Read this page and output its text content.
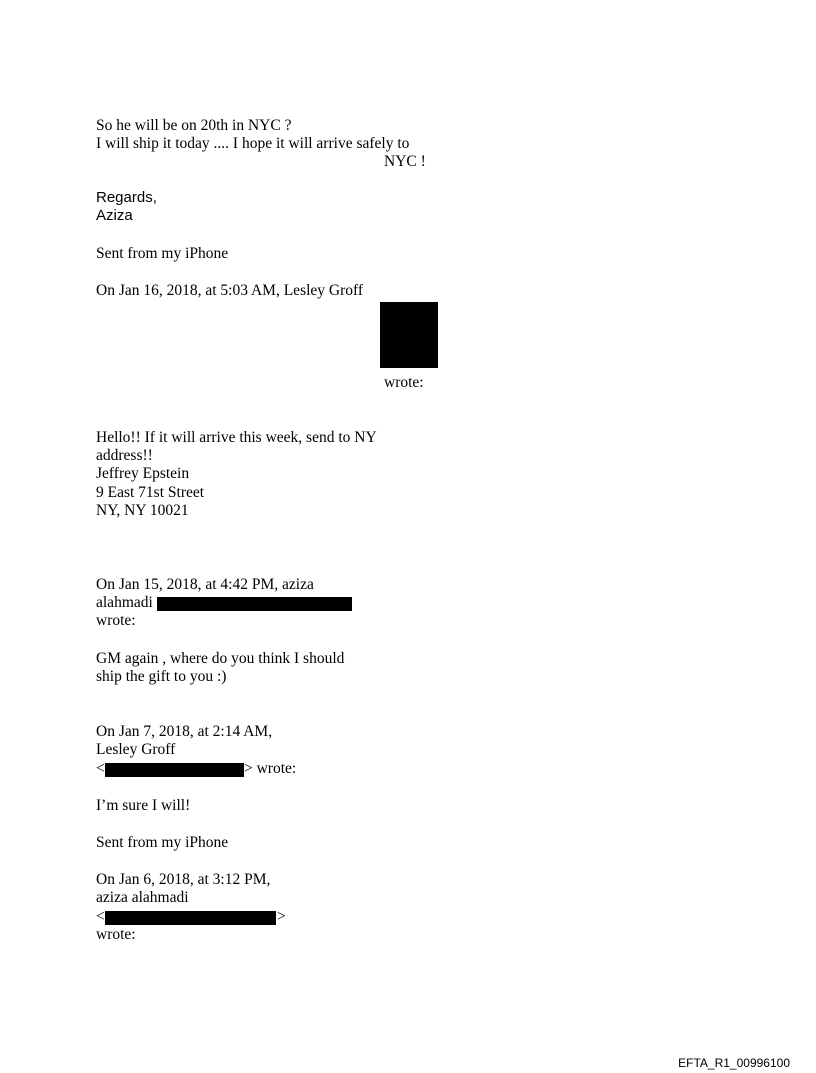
So he will be on 20th in NYC ?
I will ship it today .... I hope it will arrive safely to
NYC !
Regards,
Aziza
Sent from my iPhone
On Jan 16, 2018, at 5:03 AM, Lesley Groff
wrote:
Hello!! If it will arrive this week, send to NY
address!!
Jeffrey Epstein
9 East 71st Street
NY, NY 10021
On Jan 15, 2018, at 4:42 PM, aziza
alahmadi
wrote:
GM again , where do you think I should
ship the gift to you :)
On Jan 7, 2018, at 2:14 AM,
Lesley Groff
<	> wrote:
I’m sure I will!
Sent from my iPhone
On Jan 6, 2018, at 3:12 PM,
aziza alahmadi
<	>
wrote:
EFTA_R1_00996100
